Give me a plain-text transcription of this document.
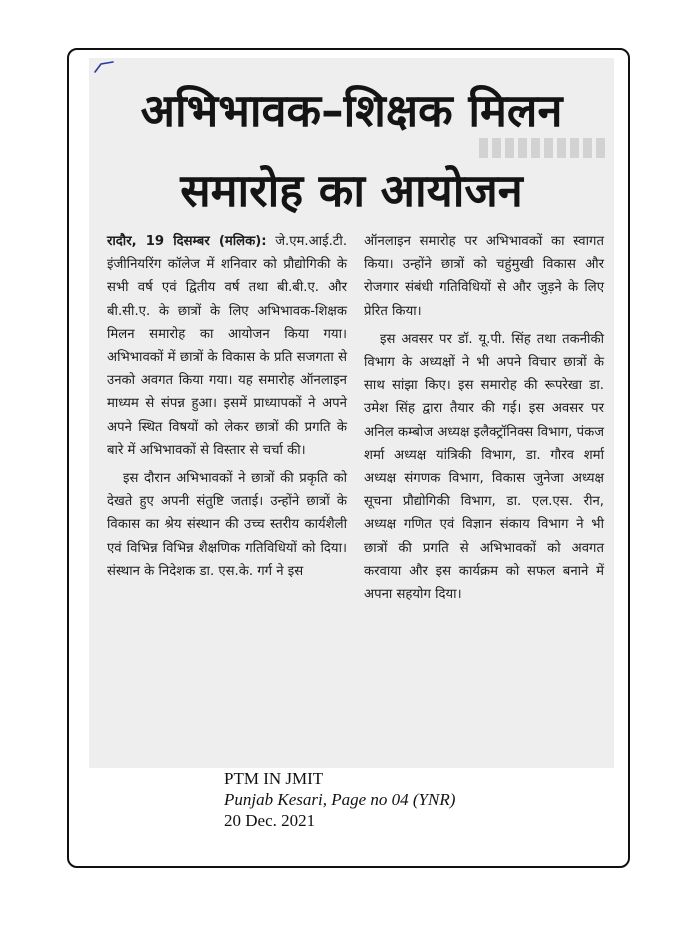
अभिभावक–शिक्षक मिलन
समारोह का आयोजन

रादौर, 19 दिसम्बर (मलिक): जे.एम.आई.टी. इंजीनियरिंग कॉलेज में शनिवार को प्रौद्योगिकी के सभी वर्ष एवं द्वितीय वर्ष तथा बी.बी.ए. और बी.सी.ए. के छात्रों के लिए अभिभावक-शिक्षक मिलन समारोह का आयोजन किया गया। अभिभावकों में छात्रों के विकास के प्रति सजगता से उनको अवगत किया गया। यह समारोह ऑनलाइन माध्यम से संपन्न हुआ। इसमें प्राध्यापकों ने अपने अपने स्थित विषयों को लेकर छात्रों की प्रगति के बारे में अभिभावकों से विस्तार से चर्चा की।

इस दौरान अभिभावकों ने छात्रों की प्रकृति को देखते हुए अपनी संतुष्टि जताई। उन्होंने छात्रों के विकास का श्रेय संस्थान की उच्च स्तरीय कार्यशैली एवं विभिन्न विभिन्न शैक्षणिक गतिविधियों को दिया। संस्थान के निदेशक डा. एस.के. गर्ग ने इस

ऑनलाइन समारोह पर अभिभावकों का स्वागत किया। उन्होंने छात्रों को चहुंमुखी विकास और रोजगार संबंधी गतिविधियों से और जुड़ने के लिए प्रेरित किया।

इस अवसर पर डॉ. यू.पी. सिंह तथा तकनीकी विभाग के अध्यक्षों ने भी अपने विचार छात्रों के साथ सांझा किए। इस समारोह की रूपरेखा डा. उमेश सिंह द्वारा तैयार की गई। इस अवसर पर अनिल कम्बोज अध्यक्ष इलैक्ट्रॉनिक्स विभाग, पंकज शर्मा अध्यक्ष यांत्रिकी विभाग, डा. गौरव शर्मा अध्यक्ष संगणक विभाग, विकास जुनेजा अध्यक्ष सूचना प्रौद्योगिकी विभाग, डा. एल.एस. रीन, अध्यक्ष गणित एवं विज्ञान संकाय विभाग ने भी छात्रों की प्रगति से अभिभावकों को अवगत करवाया और इस कार्यक्रम को सफल बनाने में अपना सहयोग दिया।

PTM IN JMIT
Punjab Kesari, Page no 04 (YNR)
20 Dec. 2021
